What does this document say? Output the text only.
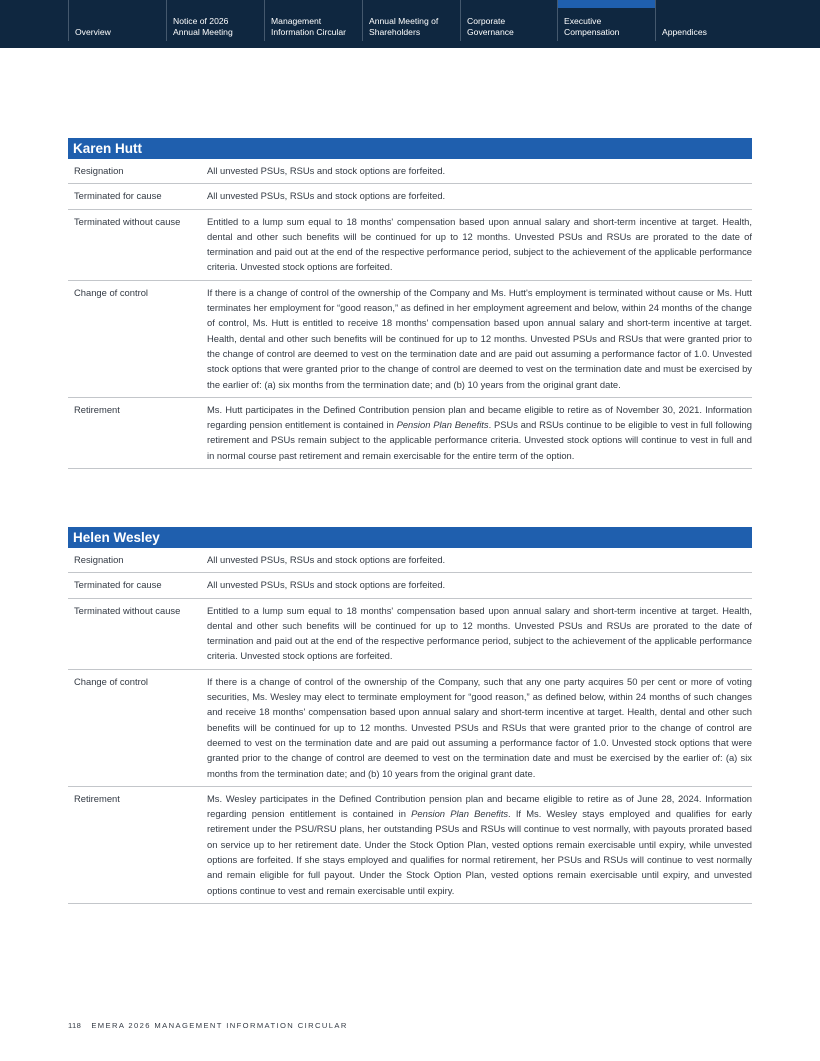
Overview
Notice of 2026
Annual Meeting
Management
Information Circular
Annual Meeting of
Shareholders
Corporate
Governance
Executive
Compensation	Appendices
Karen Hutt
Resignation	All unvested PSUs, RSUs and stock options are forfeited.
Terminated for cause	All unvested PSUs, RSUs and stock options are forfeited.
Terminated without cause	Entitled to a lump sum equal to 18 months' compensation based upon annual salary and short-term incentive at target. Health, dental and other such benefits will be continued for up to 12 months. Unvested PSUs and RSUs are prorated to the date of termination and paid out at the end of the respective performance period, subject to the achievement of the applicable performance criteria. Unvested stock options are forfeited.
Change of control	If there is a change of control of the ownership of the Company and Ms. Hutt's employment is terminated without cause or Ms. Hutt terminates her employment for “good reason,” as defined in her employment agreement and below, within 24 months of the change of control, Ms. Hutt is entitled to receive 18 months' compensation based upon annual salary and short-term incentive at target. Health, dental and other such benefits will be continued for up to 12 months. Unvested PSUs and RSUs that were granted prior to the change of control are deemed to vest on the termination date and are paid out assuming a performance factor of 1.0. Unvested stock options that were granted prior to the change of control are deemed to vest on the termination date and must be exercised by the earlier of: (a) six months from the termination date; and (b) 10 years from the original grant date.
Retirement	Ms. Hutt participates in the Defined Contribution pension plan and became eligible to retire as of November 30, 2021. Information regarding pension entitlement is contained in Pension Plan Benefits. PSUs and RSUs continue to be eligible to vest in full following retirement and PSUs remain subject to the applicable performance criteria. Unvested stock options will continue to vest in full and in normal course past retirement and remain exercisable for the entire term of the option.
Helen Wesley
Resignation	All unvested PSUs, RSUs and stock options are forfeited.
Terminated for cause	All unvested PSUs, RSUs and stock options are forfeited.
Terminated without cause	Entitled to a lump sum equal to 18 months' compensation based upon annual salary and short-term incentive at target. Health, dental and other such benefits will be continued for up to 12 months. Unvested PSUs and RSUs are prorated to the date of termination and paid out at the end of the respective performance period, subject to the achievement of the applicable performance criteria. Unvested stock options are forfeited.
Change of control	If there is a change of control of the ownership of the Company, such that any one party acquires 50 per cent or more of voting securities, Ms. Wesley may elect to terminate employment for “good reason,” as defined below, within 24 months of such changes and receive 18 months' compensation based upon annual salary and short-term incentive at target. Health, dental and other such benefits will be continued for up to 12 months. Unvested PSUs and RSUs that were granted prior to the change of control are deemed to vest on the termination date and are paid out assuming a performance factor of 1.0. Unvested stock options that were granted prior to the change of control are deemed to vest on the termination date and must be exercised by the earlier of: (a) six months from the termination date; and (b) 10 years from the original grant date.
Retirement	Ms. Wesley participates in the Defined Contribution pension plan and became eligible to retire as of June 28, 2024. Information regarding pension entitlement is contained in Pension Plan Benefits. If Ms. Wesley stays employed and qualifies for early retirement under the PSU/RSU plans, her outstanding PSUs and RSUs will continue to vest normally, with payouts prorated based on service up to her retirement date. Under the Stock Option Plan, vested options remain exercisable until expiry, while unvested options are forfeited. If she stays employed and qualifies for normal retirement, her PSUs and RSUs will continue to vest normally and remain eligible for full payout. Under the Stock Option Plan, vested options remain exercisable until expiry, and unvested options continue to vest and remain exercisable until expiry.
118 EMERA 2026 MANAGEMENT INFORMATION CIRCULAR
